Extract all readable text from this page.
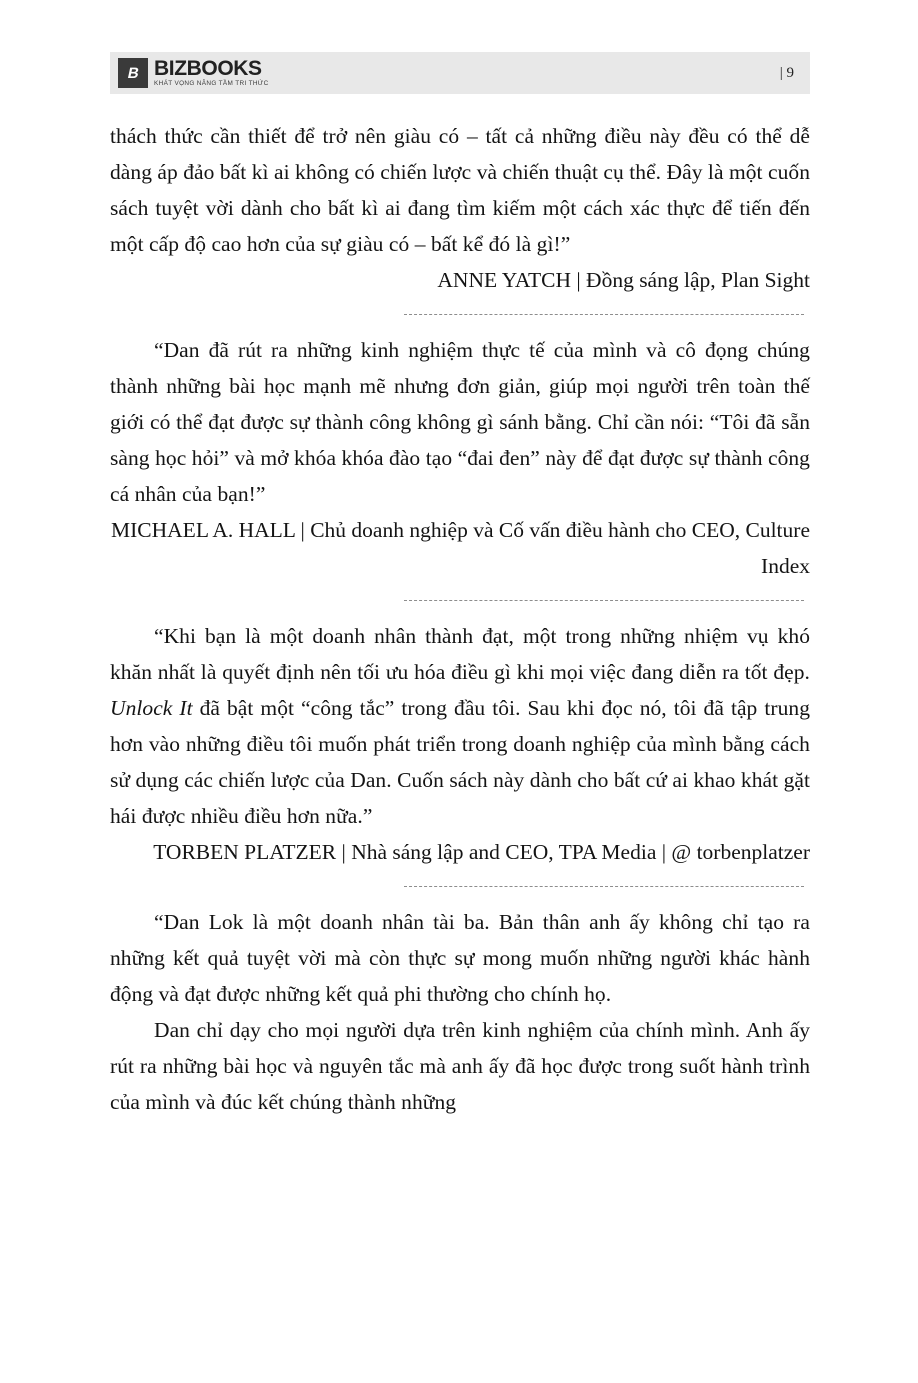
B BIZBOOKS
KHÁT VỌNG NÂNG TẦM TRI THỨC
| 9

thách thức cần thiết để trở nên giàu có – tất cả những điều này đều có thể dễ dàng áp đảo bất kì ai không có chiến lược và chiến thuật cụ thể. Đây là một cuốn sách tuyệt vời dành cho bất kì ai đang tìm kiếm một cách xác thực để tiến đến một cấp độ cao hơn của sự giàu có – bất kể đó là gì!”

ANNE YATCH | Đồng sáng lập, Plan Sight

“Dan đã rút ra những kinh nghiệm thực tế của mình và cô đọng chúng thành những bài học mạnh mẽ nhưng đơn giản, giúp mọi người trên toàn thế giới có thể đạt được sự thành công không gì sánh bằng. Chỉ cần nói: “Tôi đã sẵn sàng học hỏi” và mở khóa khóa đào tạo “đai đen” này để đạt được sự thành công cá nhân của bạn!”

MICHAEL A. HALL | Chủ doanh nghiệp và Cố vấn điều hành cho CEO, Culture Index

“Khi bạn là một doanh nhân thành đạt, một trong những nhiệm vụ khó khăn nhất là quyết định nên tối ưu hóa điều gì khi mọi việc đang diễn ra tốt đẹp. Unlock It đã bật một “công tắc” trong đầu tôi. Sau khi đọc nó, tôi đã tập trung hơn vào những điều tôi muốn phát triển trong doanh nghiệp của mình bằng cách sử dụng các chiến lược của Dan. Cuốn sách này dành cho bất cứ ai khao khát gặt hái được nhiều điều hơn nữa.”

TORBEN PLATZER | Nhà sáng lập and CEO, TPA Media | @ torbenplatzer

“Dan Lok là một doanh nhân tài ba. Bản thân anh ấy không chỉ tạo ra những kết quả tuyệt vời mà còn thực sự mong muốn những người khác hành động và đạt được những kết quả phi thường cho chính họ.

Dan chỉ dạy cho mọi người dựa trên kinh nghiệm của chính mình. Anh ấy rút ra những bài học và nguyên tắc mà anh ấy đã học được trong suốt hành trình của mình và đúc kết chúng thành những
